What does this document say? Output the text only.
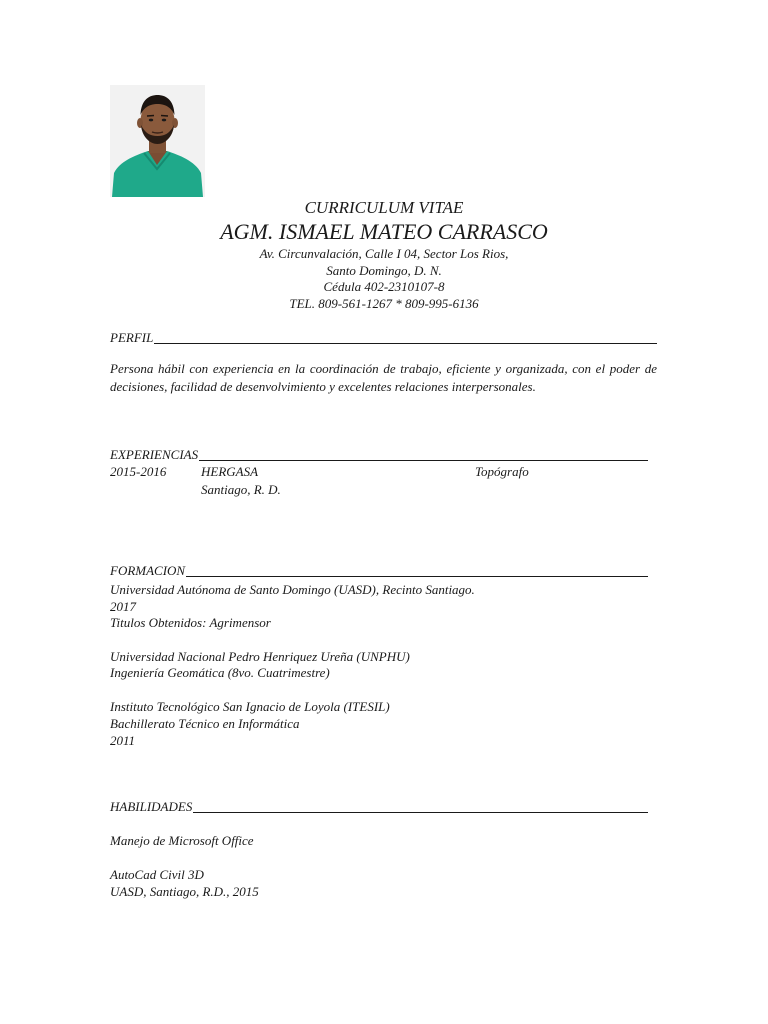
CURRICULUM VITAE
AGM. ISMAEL MATEO CARRASCO
Av. Circunvalación, Calle I 04, Sector Los Rios,
Santo Domingo, D. N.
Cédula 402-2310107-8
TEL. 809-561-1267 * 809-995-6136
PERFIL
Persona hábil con experiencia en la coordinación de trabajo, eficiente y organizada, con el poder de decisiones, facilidad de desenvolvimiento y excelentes relaciones interpersonales.
EXPERIENCIAS
2015-2016	HERGASA	Topógrafo
Santiago, R. D.
FORMACION
Universidad Autónoma de Santo Domingo (UASD), Recinto Santiago.
2017
Titulos Obtenidos: Agrimensor
Universidad Nacional Pedro Henriquez Ureña (UNPHU)
Ingeniería Geomática (8vo. Cuatrimestre)
Instituto Tecnológico San Ignacio de Loyola (ITESIL)
Bachillerato Técnico en Informática
2011
HABILIDADES
Manejo de Microsoft Office
AutoCad Civil 3D
UASD, Santiago, R.D., 2015
